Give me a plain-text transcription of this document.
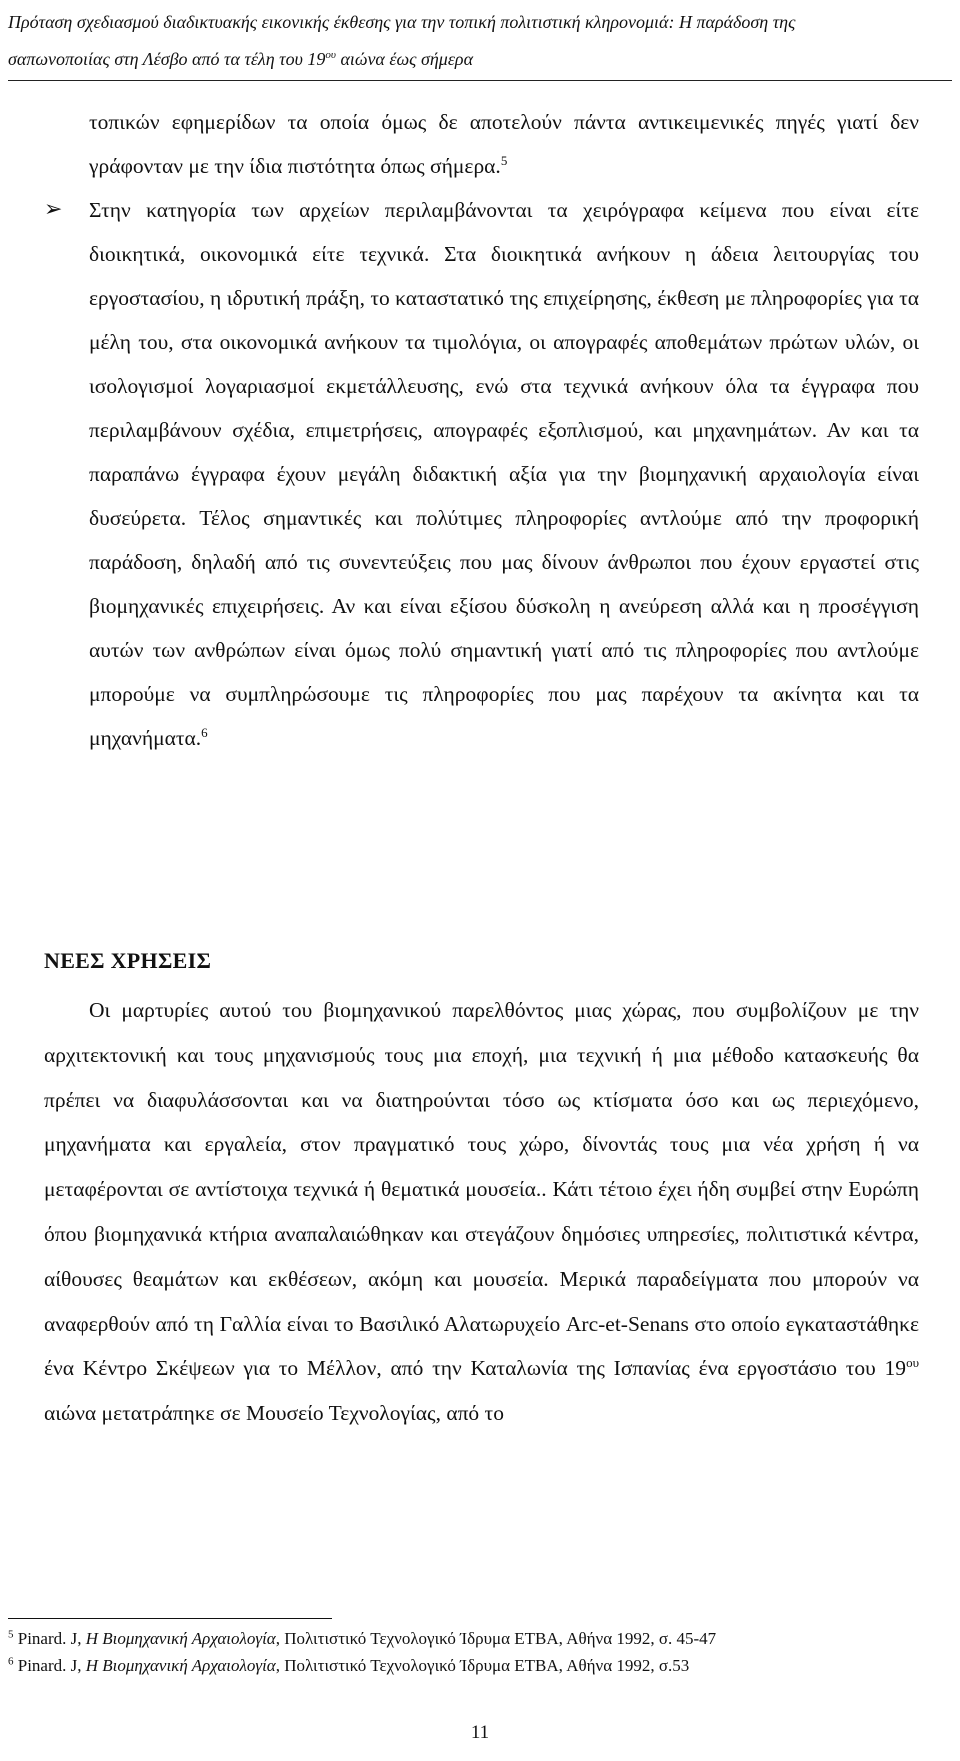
Πρόταση σχεδιασμού διαδικτυακής εικονικής έκθεσης για την τοπική πολιτιστική κληρονομιά: Η παράδοση της
σαπωνοποιίας στη Λέσβο από τα τέλη του $19^{o\upsilon}$ αιώνα έως σήμερα
τοπικών εφημερίδων τα οποία όμως δε αποτελούν πάντα αντικειμενικές πηγές γιατί δεν γράφονταν με την ίδια πιστότητα όπως σήμερα.$^5$
➢ Στην κατηγορία των αρχείων περιλαμβάνονται τα χειρόγραφα κείμενα που είναι είτε διοικητικά, οικονομικά είτε τεχνικά. Στα διοικητικά ανήκουν η άδεια λειτουργίας του εργοστασίου, η ιδρυτική πράξη, το καταστατικό της επιχείρησης, έκθεση με πληροφορίες για τα μέλη του, στα οικονομικά ανήκουν τα τιμολόγια, οι απογραφές αποθεμάτων πρώτων υλών, οι ισολογισμοί λογαριασμοί εκμετάλλευσης, ενώ στα τεχνικά ανήκουν όλα τα έγγραφα που περιλαμβάνουν σχέδια, επιμετρήσεις, απογραφές εξοπλισμού, και μηχανημάτων. Αν και τα παραπάνω έγγραφα έχουν μεγάλη διδακτική αξία για την βιομηχανική αρχαιολογία είναι δυσεύρετα. Τέλος σημαντικές και πολύτιμες πληροφορίες αντλούμε από την προφορική παράδοση, δηλαδή από τις συνεντεύξεις που μας δίνουν άνθρωποι που έχουν εργαστεί στις βιομηχανικές επιχειρήσεις. Αν και είναι εξίσου δύσκολη η ανεύρεση αλλά και η προσέγγιση αυτών των ανθρώπων είναι όμως πολύ σημαντική γιατί από τις πληροφορίες που αντλούμε μπορούμε να συμπληρώσουμε τις πληροφορίες που μας παρέχουν τα ακίνητα και τα μηχανήματα.$^6$
ΝΕΕΣ ΧΡΗΣΕΙΣ
Οι μαρτυρίες αυτού του βιομηχανικού παρελθόντος μιας χώρας, που συμβολίζουν με την αρχιτεκτονική και τους μηχανισμούς τους μια εποχή, μια τεχνική ή μια μέθοδο κατασκευής θα πρέπει να διαφυλάσσονται και να διατηρούνται τόσο ως κτίσματα όσο και ως περιεχόμενο, μηχανήματα και εργαλεία, στον πραγματικό τους χώρο, δίνοντάς τους μια νέα χρήση ή να μεταφέρονται σε αντίστοιχα τεχνικά ή θεματικά μουσεία.. Κάτι τέτοιο έχει ήδη συμβεί στην Ευρώπη όπου βιομηχανικά κτήρια αναπαλαιώθηκαν και στεγάζουν δημόσιες υπηρεσίες, πολιτιστικά κέντρα, αίθουσες θεαμάτων και εκθέσεων, ακόμη και μουσεία. Μερικά παραδείγματα που μπορούν να αναφερθούν από τη Γαλλία είναι το Βασιλικό Αλατωρυχείο Arc-et-Senans στο οποίο εγκαταστάθηκε ένα Κέντρο Σκέψεων για το Μέλλον, από την Καταλωνία της Ισπανίας ένα εργοστάσιο του $19^{o\upsilon}$ αιώνα μετατράπηκε σε Μουσείο Τεχνολογίας, από το
$^5$ Pinard. J, Η Βιομηχανική Αρχαιολογία, Πολιτιστικό Τεχνολογικό Ίδρυμα ΕΤΒΑ, Αθήνα 1992, σ. 45-47
$^6$ Pinard. J, Η Βιομηχανική Αρχαιολογία, Πολιτιστικό Τεχνολογικό Ίδρυμα ΕΤΒΑ, Αθήνα 1992, σ.53
11
